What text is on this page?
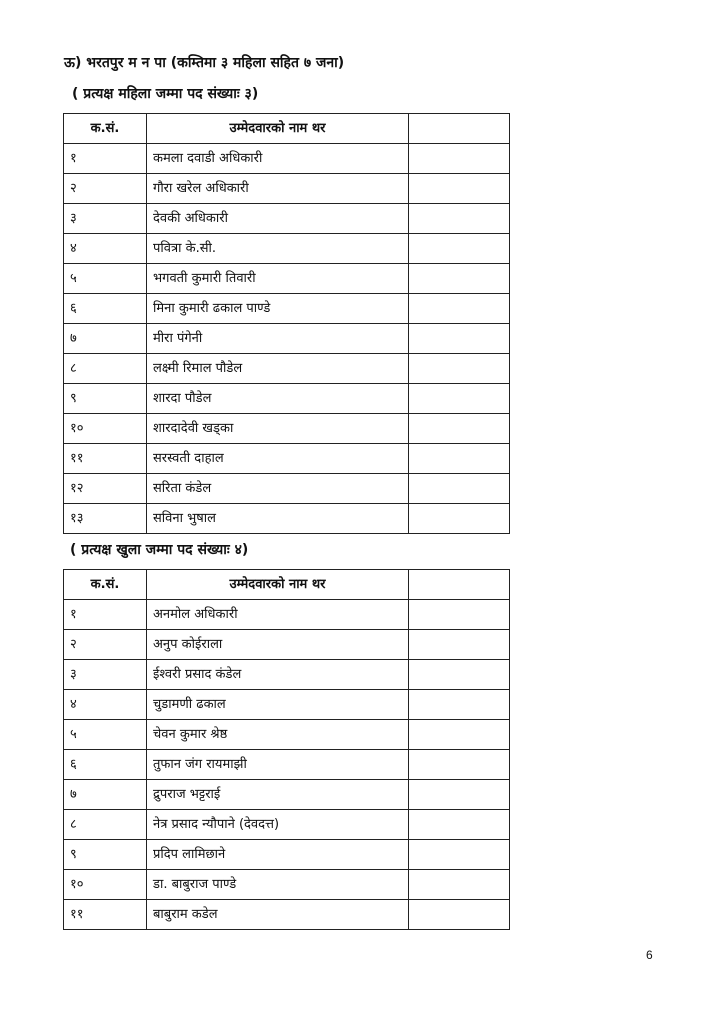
ऊ) भरतपुर म न पा (कम्तिमा ३ महिला सहित ७ जना)
( प्रत्यक्ष महिला जम्मा पद संख्याः ३)
क.सं.	उम्मेदवारको नाम थर	
१	कमला दवाडी अधिकारी	
२	गौरा खरेल अधिकारी	
३	देवकी अधिकारी	
४	पवित्रा के.सी.	
५	भगवती कुमारी तिवारी	
६	मिना कुमारी ढकाल पाण्डे	
७	मीरा पंगेनी	
८	लक्ष्मी रिमाल पौडेल	
९	शारदा पौडेल	
१०	शारदादेवी खड्का	
११	सरस्वती दाहाल	
१२	सरिता कंडेल	
१३	सविना भुषाल	
( प्रत्यक्ष खुला जम्मा पद संख्याः ४)
क.सं.	उम्मेदवारको नाम थर	
१	अनमोल अधिकारी	
२	अनुप कोईराला	
३	ईश्वरी प्रसाद कंडेल	
४	चुडामणी ढकाल	
५	चेवन कुमार श्रेष्ठ	
६	तुफान जंग रायमाझी	
७	द्रुपराज भट्टराई	
८	नेत्र प्रसाद न्यौपाने (देवदत्त)	
९	प्रदिप लामिछाने	
१०	डा. बाबुराज पाण्डे	
११	बाबुराम कडेल	
6
